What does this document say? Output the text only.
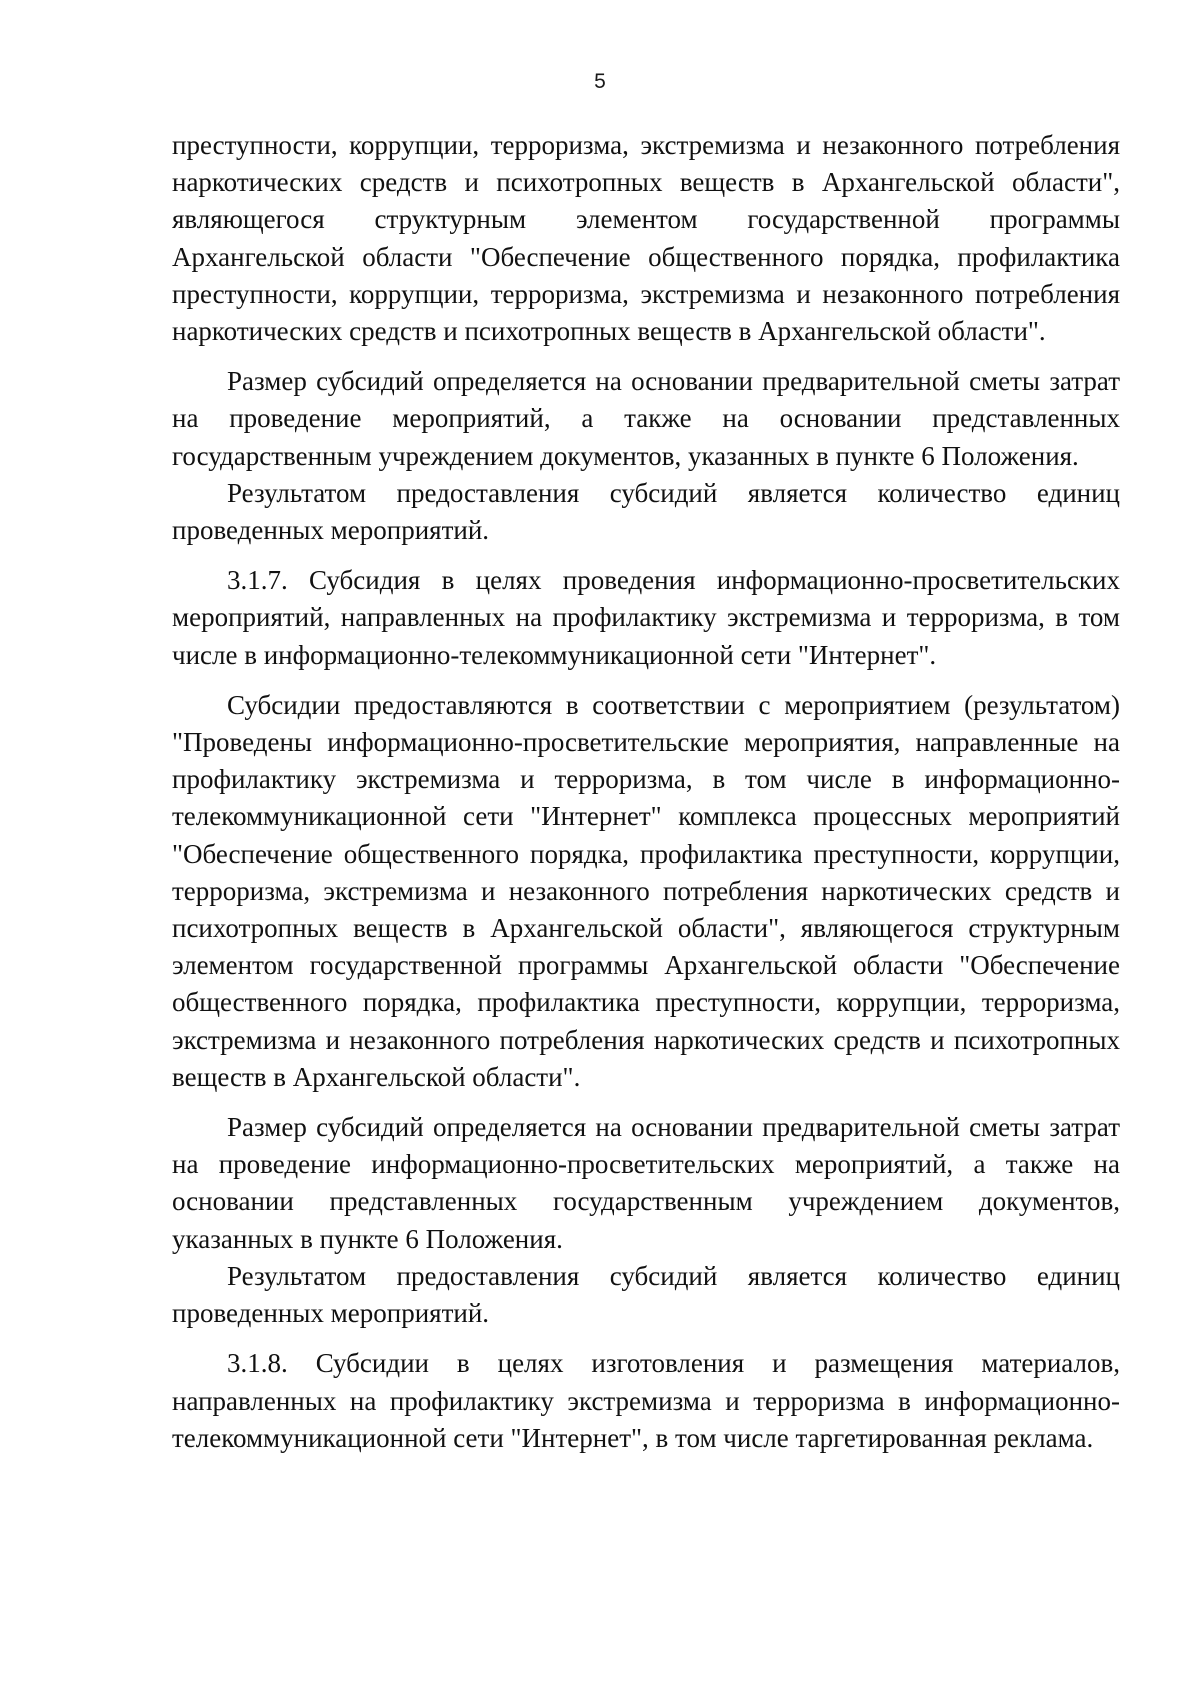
5

преступности, коррупции, терроризма, экстремизма и незаконного потребления наркотических средств и психотропных веществ в Архангельской области", являющегося структурным элементом государственной программы Архангельской области "Обеспечение общественного порядка, профилактика преступности, коррупции, терроризма, экстремизма и незаконного потребления наркотических средств и психотропных веществ в Архангельской области".

Размер субсидий определяется на основании предварительной сметы затрат на проведение мероприятий, а также на основании представленных государственным учреждением документов, указанных в пункте 6 Положения.

Результатом предоставления субсидий является количество единиц проведенных мероприятий.

3.1.7. Субсидия в целях проведения информационно-просветительских мероприятий, направленных на профилактику экстремизма и терроризма, в том числе в информационно-телекоммуникационной сети "Интернет".

Субсидии предоставляются в соответствии с мероприятием (результатом) "Проведены информационно-просветительские мероприятия, направленные на профилактику экстремизма и терроризма, в том числе в информационно-телекоммуникационной сети "Интернет" комплекса процессных мероприятий "Обеспечение общественного порядка, профилактика преступности, коррупции, терроризма, экстремизма и незаконного потребления наркотических средств и психотропных веществ в Архангельской области", являющегося структурным элементом государственной программы Архангельской области "Обеспечение общественного порядка, профилактика преступности, коррупции, терроризма, экстремизма и незаконного потребления наркотических средств и психотропных веществ в Архангельской области".

Размер субсидий определяется на основании предварительной сметы затрат на проведение информационно-просветительских мероприятий, а также на основании представленных государственным учреждением документов, указанных в пункте 6 Положения.

Результатом предоставления субсидий является количество единиц проведенных мероприятий.

3.1.8. Субсидии в целях изготовления и размещения материалов, направленных на профилактику экстремизма и терроризма в информационно-телекоммуникационной сети "Интернет", в том числе таргетированная реклама.
